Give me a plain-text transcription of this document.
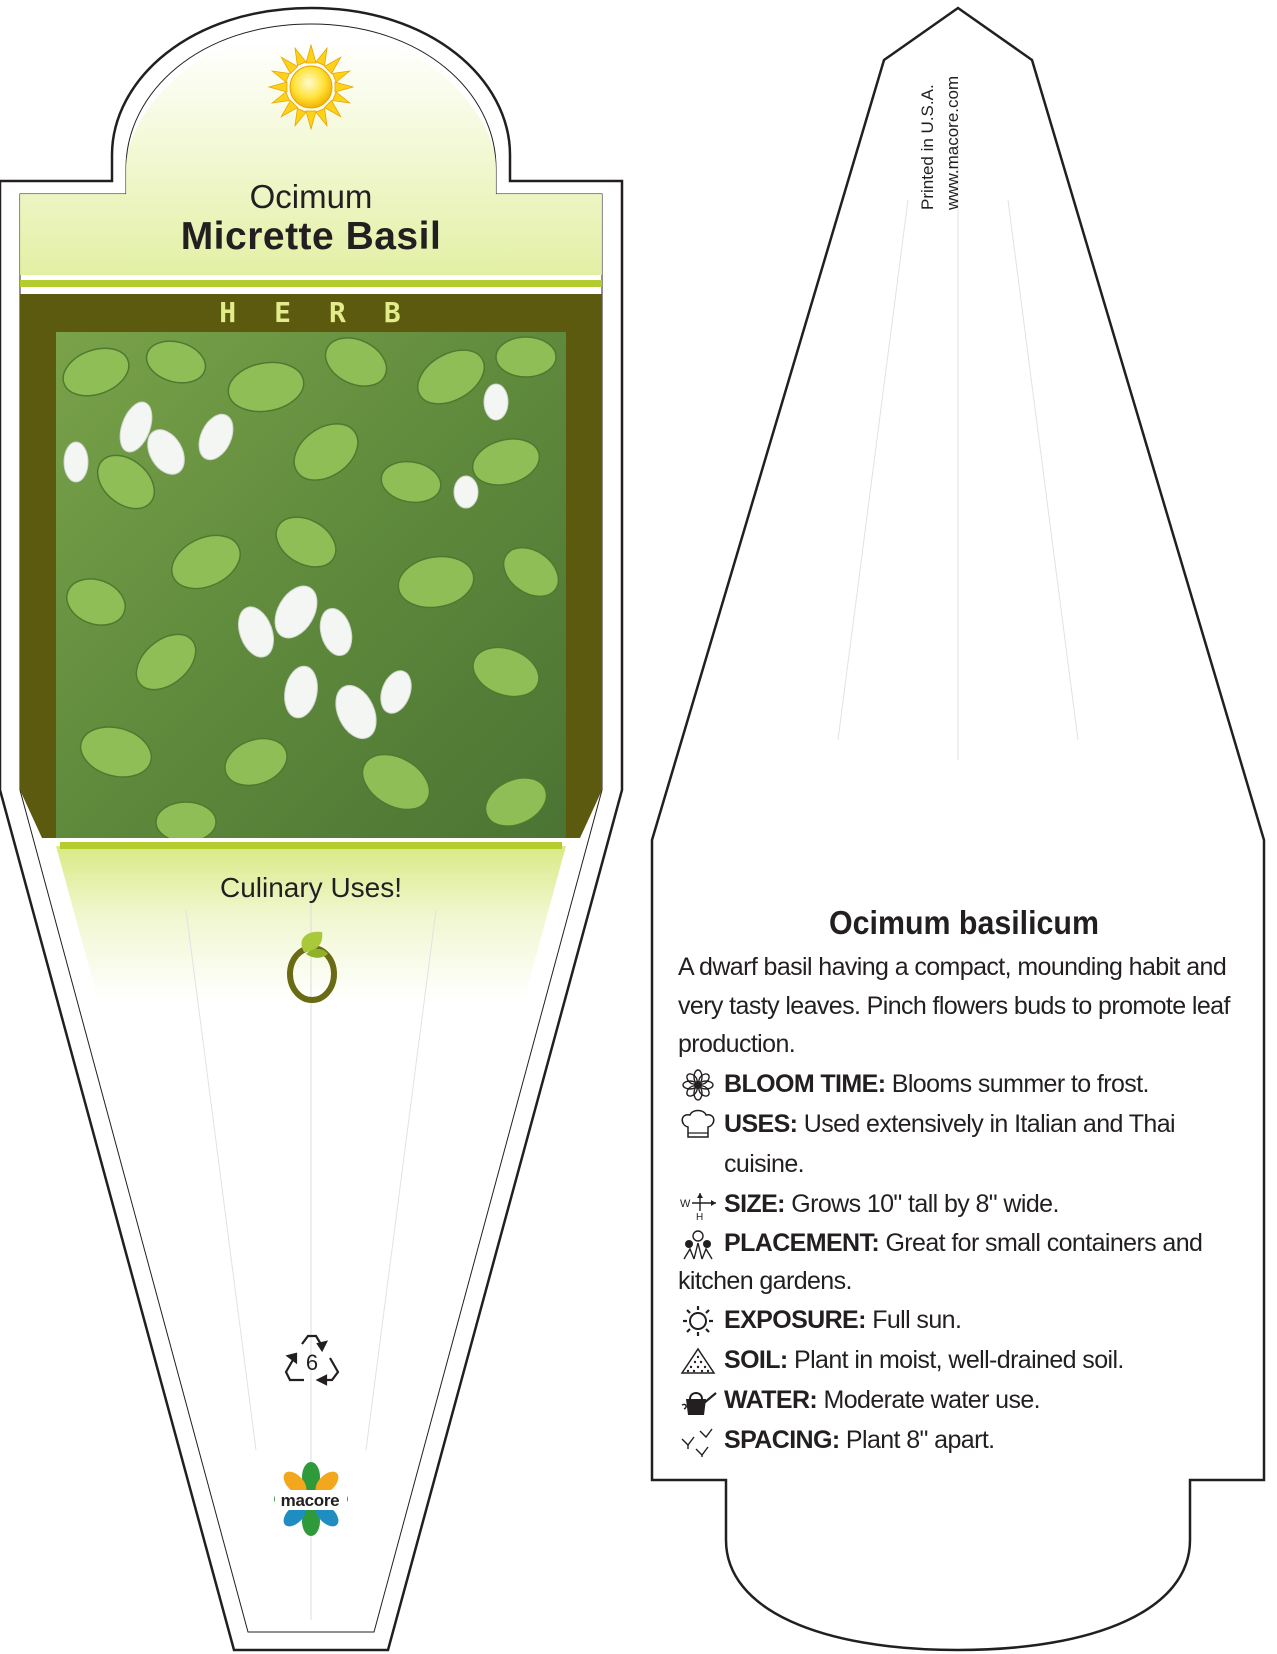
Ocimum
Micrette Basil
HERB
Culinary Uses!
6
macore
Printed in U.S.A. www.macore.com
Ocimum basilicum
A dwarf basil having a compact, mounding habit and very tasty leaves. Pinch flowers buds to promote leaf production.
BLOOM TIME: Blooms summer to frost.
USES: Used extensively in Italian and Thai cuisine.
W
H SIZE: Grows 10" tall by 8" wide.
PLACEMENT: Great for small containers and
kitchen gardens.
EXPOSURE: Full sun.
SOIL: Plant in moist, well-drained soil.
WATER: Moderate water use.
SPACING: Plant 8" apart.
